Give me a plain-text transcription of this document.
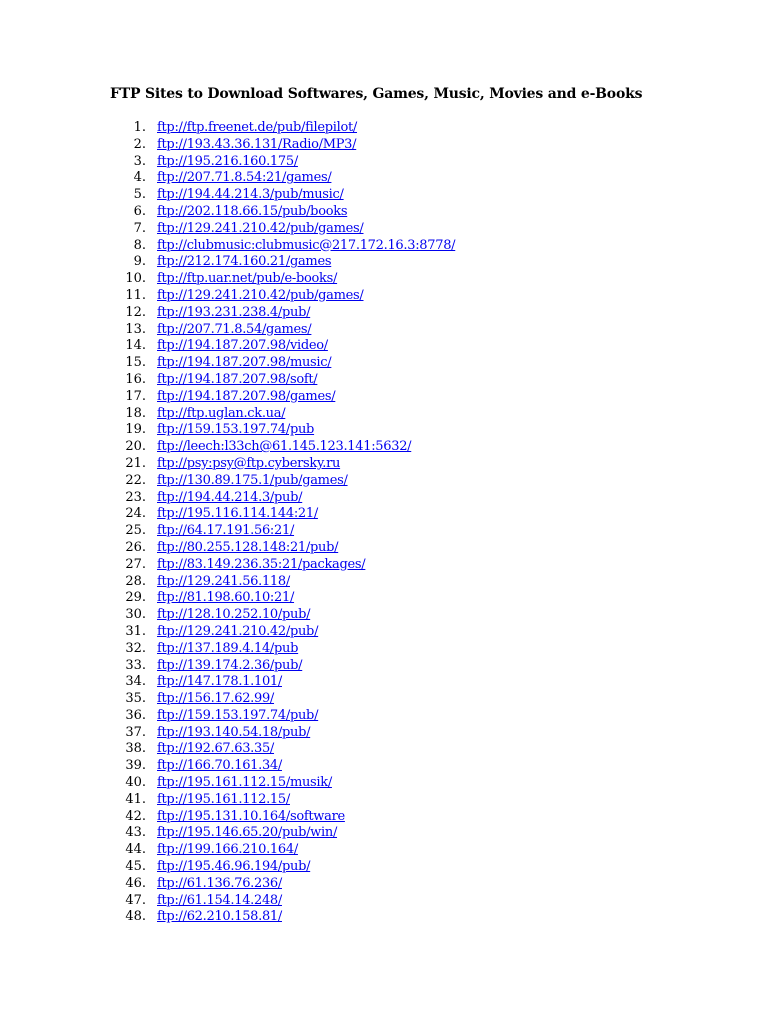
FTP Sites to Download Softwares, Games, Music, Movies and e-Books
1. ftp://ftp.freenet.de/pub/filepilot/
2. ftp://193.43.36.131/Radio/MP3/
3. ftp://195.216.160.175/
4. ftp://207.71.8.54:21/games/
5. ftp://194.44.214.3/pub/music/
6. ftp://202.118.66.15/pub/books
7. ftp://129.241.210.42/pub/games/
8. ftp://clubmusic:clubmusic@217.172.16.3:8778/
9. ftp://212.174.160.21/games
10. ftp://ftp.uar.net/pub/e-books/
11. ftp://129.241.210.42/pub/games/
12. ftp://193.231.238.4/pub/
13. ftp://207.71.8.54/games/
14. ftp://194.187.207.98/video/
15. ftp://194.187.207.98/music/
16. ftp://194.187.207.98/soft/
17. ftp://194.187.207.98/games/
18. ftp://ftp.uglan.ck.ua/
19. ftp://159.153.197.74/pub
20. ftp://leech:l33ch@61.145.123.141:5632/
21. ftp://psy:psy@ftp.cybersky.ru
22. ftp://130.89.175.1/pub/games/
23. ftp://194.44.214.3/pub/
24. ftp://195.116.114.144:21/
25. ftp://64.17.191.56:21/
26. ftp://80.255.128.148:21/pub/
27. ftp://83.149.236.35:21/packages/
28. ftp://129.241.56.118/
29. ftp://81.198.60.10:21/
30. ftp://128.10.252.10/pub/
31. ftp://129.241.210.42/pub/
32. ftp://137.189.4.14/pub
33. ftp://139.174.2.36/pub/
34. ftp://147.178.1.101/
35. ftp://156.17.62.99/
36. ftp://159.153.197.74/pub/
37. ftp://193.140.54.18/pub/
38. ftp://192.67.63.35/
39. ftp://166.70.161.34/
40. ftp://195.161.112.15/musik/
41. ftp://195.161.112.15/
42. ftp://195.131.10.164/software
43. ftp://195.146.65.20/pub/win/
44. ftp://199.166.210.164/
45. ftp://195.46.96.194/pub/
46. ftp://61.136.76.236/
47. ftp://61.154.14.248/
48. ftp://62.210.158.81/
